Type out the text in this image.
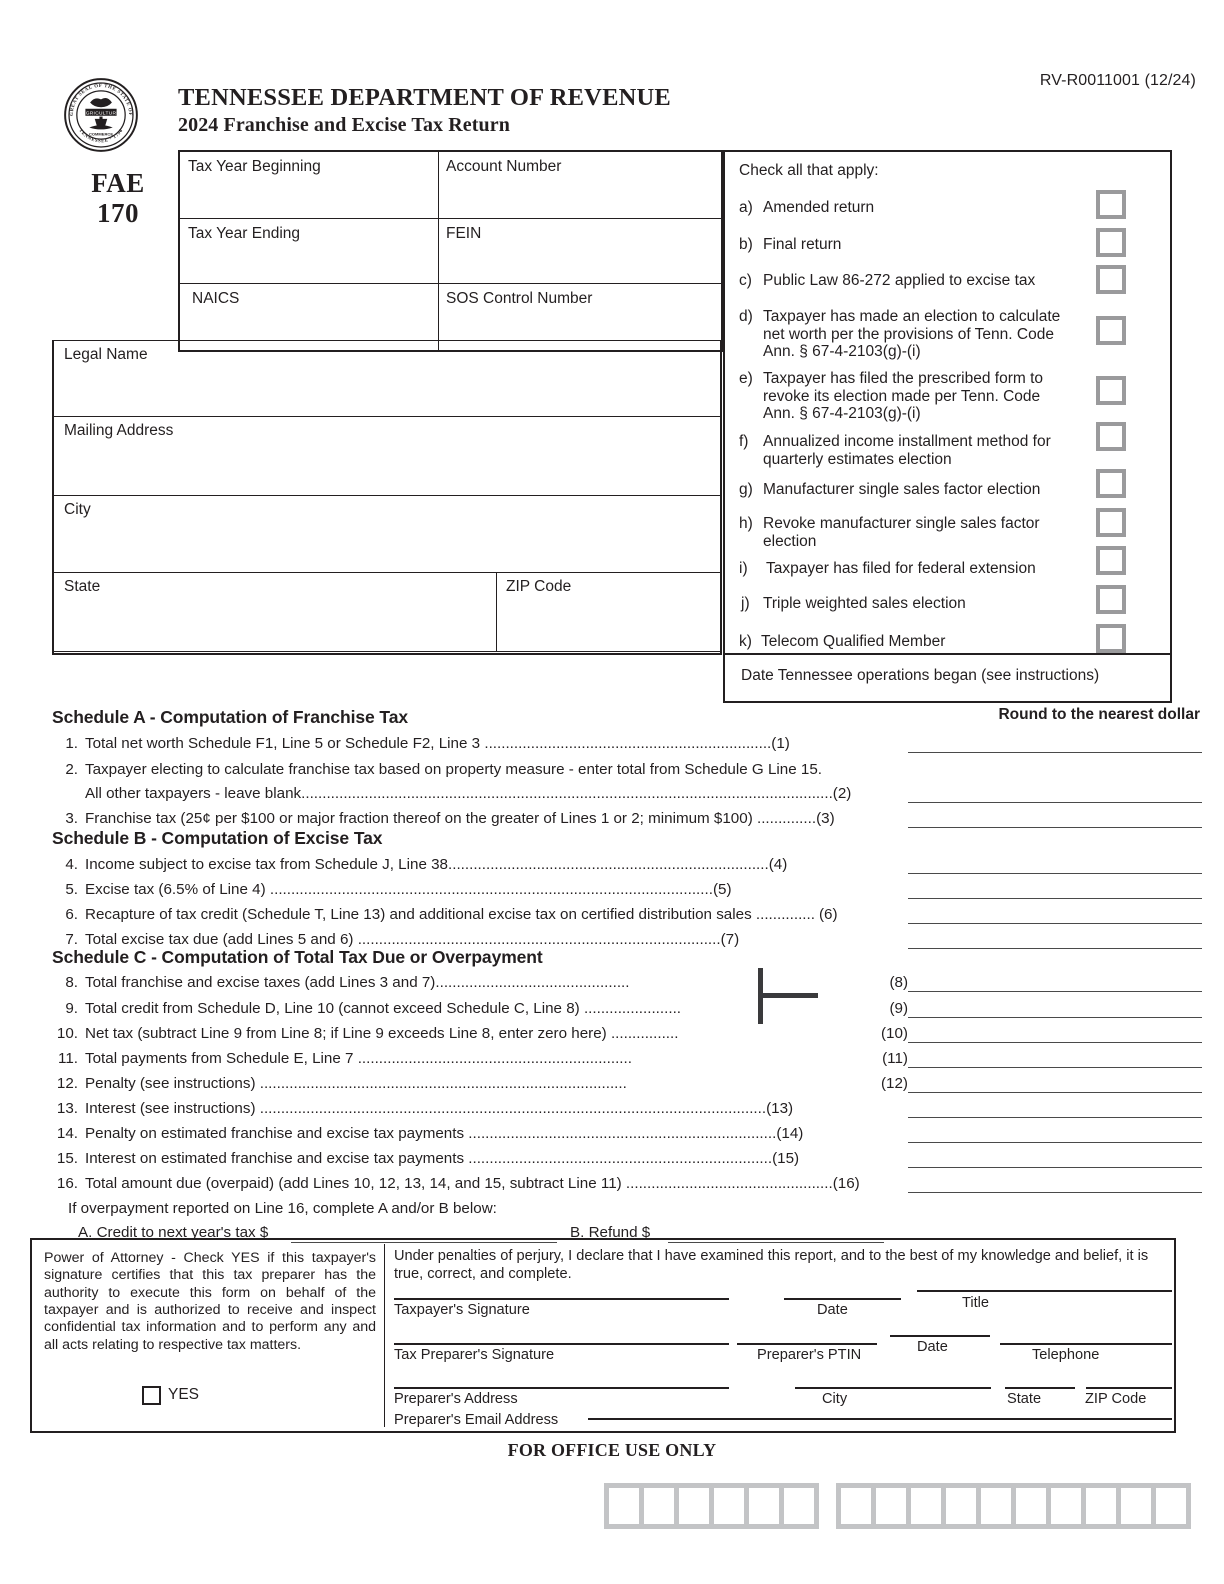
RV-R0011001 (12/24)
GREAT SEAL OF THE STATE OF
TENNESSEE · 1796
AGRICULTURE
COMMERCE
FAE
170
TENNESSEE DEPARTMENT OF REVENUE
2024 Franchise and Excise Tax Return
Tax Year Beginning	Account Number
Tax Year Ending	FEIN
NAICS	SOS Control Number
Legal Name
Mailing Address
City
State	ZIP Code
Check all that apply:
a) Amended return
b) Final return
c) Public Law 86-272 applied to excise tax
d) Taxpayer has made an election to calculate net worth per the provisions of Tenn. Code Ann. § 67-4-2103(g)-(i)
e) Taxpayer has filed the prescribed form to revoke its election made per Tenn. Code Ann. § 67-4-2103(g)-(i)
f) Annualized income installment method for quarterly estimates election
g) Manufacturer single sales factor election
h) Revoke manufacturer single sales factor election
i)	Taxpayer has filed for federal extension
j) Triple weighted sales election
k) Telecom Qualified Member
Date Tennessee operations began (see instructions)
Round to the nearest dollar
Schedule A - Computation of Franchise Tax
1. Total net worth Schedule F1, Line 5 or Schedule F2, Line 3 ....................................................................(1)
2. Taxpayer electing to calculate franchise tax based on property measure - enter total from Schedule G Line 15.
All other taxpayers - leave blank..............................................................................................................................(2)
3. Franchise tax (25¢ per $100 or major fraction thereof on the greater of Lines 1 or 2; minimum $100) ..............(3)
Schedule B - Computation of Excise Tax
4. Income subject to excise tax from Schedule J, Line 38............................................................................(4)
5. Excise tax (6.5% of Line 4) .........................................................................................................(5)
6. Recapture of tax credit (Schedule T, Line 13) and additional excise tax on certified distribution sales .............. (6)
7. Total excise tax due (add Lines 5 and 6) ......................................................................................(7)
Schedule C - Computation of Total Tax Due or Overpayment
8. Total franchise and excise taxes (add Lines 3 and 7)..............................................	(8)
9. Total credit from Schedule D, Line 10 (cannot exceed Schedule C, Line 8) .......................	(9)
10. Net tax (subtract Line 9 from Line 8; if Line 9 exceeds Line 8, enter zero here) ................	(10)
11. Total payments from Schedule E, Line 7 .................................................................	(11)
12. Penalty (see instructions) .......................................................................................	(12)
13. Interest (see instructions) ........................................................................................................................(13)
14. Penalty on estimated franchise and excise tax payments .........................................................................(14)
15. Interest on estimated franchise and excise tax payments ........................................................................(15)
16. Total amount due (overpaid) (add Lines 10, 12, 13, 14, and 15, subtract Line 11) .................................................(16)
If overpayment reported on Line 16, complete A and/or B below:
A. Credit to next year's tax $	B. Refund $
Power of Attorney - Check YES if this taxpayer's signature certifies that this tax preparer has the authority to execute this form on behalf of the taxpayer and is authorized to receive and inspect confidential tax information and to perform any and all acts relating to respective tax matters.
YES
Under penalties of perjury, I declare that I have examined this report, and to the best of my knowledge and belief, it is true, correct, and complete.
Taxpayer's Signature	Date	Title
Tax Preparer's Signature	Preparer's PTIN	Date	Telephone
Preparer's Address	City	State	ZIP Code
Preparer's Email Address
FOR OFFICE USE ONLY
